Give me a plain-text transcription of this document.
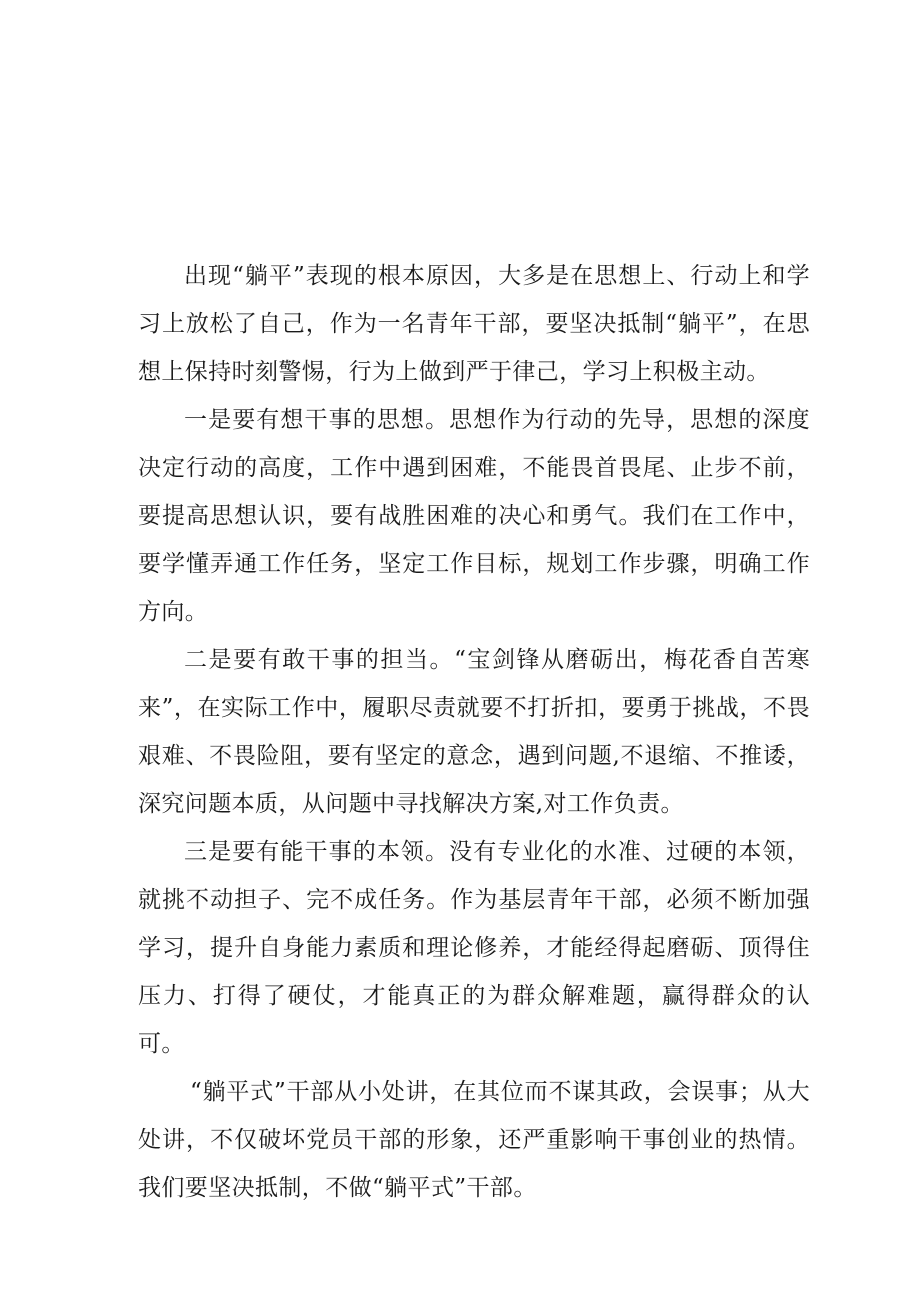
出现“躺平”表现的根本原因，大多是在思想上、行动上和学习上放松了自己，作为一名青年干部，要坚决抵制“躺平”，在思想上保持时刻警惕，行为上做到严于律己，学习上积极主动。

一是要有想干事的思想。思想作为行动的先导，思想的深度决定行动的高度，工作中遇到困难，不能畏首畏尾、止步不前，要提高思想认识，要有战胜困难的决心和勇气。我们在工作中，要学懂弄通工作任务，坚定工作目标，规划工作步骤，明确工作方向。

二是要有敢干事的担当。“宝剑锋从磨砺出，梅花香自苦寒来”，在实际工作中，履职尽责就要不打折扣，要勇于挑战，不畏艰难、不畏险阻，要有坚定的意念，遇到问题,不退缩、不推诿，深究问题本质，从问题中寻找解决方案,对工作负责。

三是要有能干事的本领。没有专业化的水准、过硬的本领，就挑不动担子、完不成任务。作为基层青年干部，必须不断加强学习，提升自身能力素质和理论修养，才能经得起磨砺、顶得住压力、打得了硬仗，才能真正的为群众解难题，赢得群众的认可。

“躺平式”干部从小处讲，在其位而不谋其政，会误事；从大处讲，不仅破坏党员干部的形象，还严重影响干事创业的热情。我们要坚决抵制，不做“躺平式”干部。
